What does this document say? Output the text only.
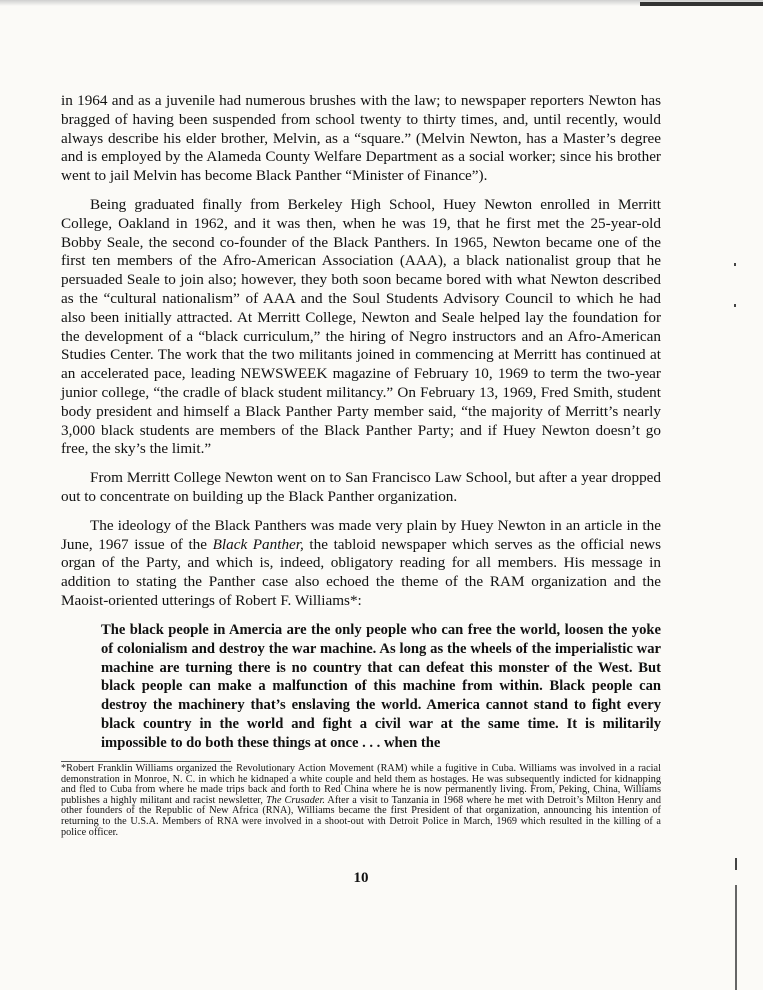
in 1964 and as a juvenile had numerous brushes with the law; to newspaper reporters Newton has bragged of having been suspended from school twenty to thirty times, and, until recently, would always describe his elder brother, Melvin, as a “square.” (Melvin Newton, has a Master’s degree and is employed by the Alameda County Welfare Department as a social worker; since his brother went to jail Melvin has become Black Panther “Minister of Finance”).

Being graduated finally from Berkeley High School, Huey Newton enrolled in Merritt College, Oakland in 1962, and it was then, when he was 19, that he first met the 25-year-old Bobby Seale, the second co-founder of the Black Panthers. In 1965, Newton became one of the first ten members of the Afro-American Association (AAA), a black nationalist group that he persuaded Seale to join also; however, they both soon became bored with what Newton described as the “cultural nationalism” of AAA and the Soul Students Advisory Council to which he had also been initially attracted. At Merritt College, Newton and Seale helped lay the foundation for the development of a “black curriculum,” the hiring of Negro instructors and an Afro-American Studies Center. The work that the two militants joined in commencing at Merritt has continued at an accelerated pace, leading NEWSWEEK magazine of February 10, 1969 to term the two-year junior college, “the cradle of black student militancy.” On February 13, 1969, Fred Smith, student body president and himself a Black Panther Party member said, “the majority of Merritt’s nearly 3,000 black students are members of the Black Panther Party; and if Huey Newton doesn’t go free, the sky’s the limit.”

From Merritt College Newton went on to San Francisco Law School, but after a year dropped out to concentrate on building up the Black Panther organization.

The ideology of the Black Panthers was made very plain by Huey Newton in an article in the June, 1967 issue of the Black Panther, the tabloid newspaper which serves as the official news organ of the Party, and which is, indeed, obligatory reading for all members. His message in addition to stating the Panther case also echoed the theme of the RAM organization and the Maoist-oriented utterings of Robert F. Williams*:

The black people in Amercia are the only people who can free the world, loosen the yoke of colonialism and destroy the war machine. As long as the wheels of the imperialistic war machine are turning there is no country that can defeat this monster of the West. But black people can make a malfunction of this machine from within. Black people can destroy the machinery that’s enslaving the world. America cannot stand to fight every black country in the world and fight a civil war at the same time. It is militarily impossible to do both these things at once . . . when the

*Robert Franklin Williams organized the Revolutionary Action Movement (RAM) while a fugitive in Cuba. Williams was involved in a racial demonstration in Monroe, N. C. in which he kidnaped a white couple and held them as hostages. He was subsequently indicted for kidnapping and fled to Cuba from where he made trips back and forth to Red China where he is now permanently living. From, Peking, China, Williams publishes a highly militant and racist newsletter, The Crusader. After a visit to Tanzania in 1968 where he met with Detroit’s Milton Henry and other founders of the Republic of New Africa (RNA), Williams became the first President of that organization, announcing his intention of returning to the U.S.A. Members of RNA were involved in a shoot-out with Detroit Police in March, 1969 which resulted in the killing of a police officer.

10
